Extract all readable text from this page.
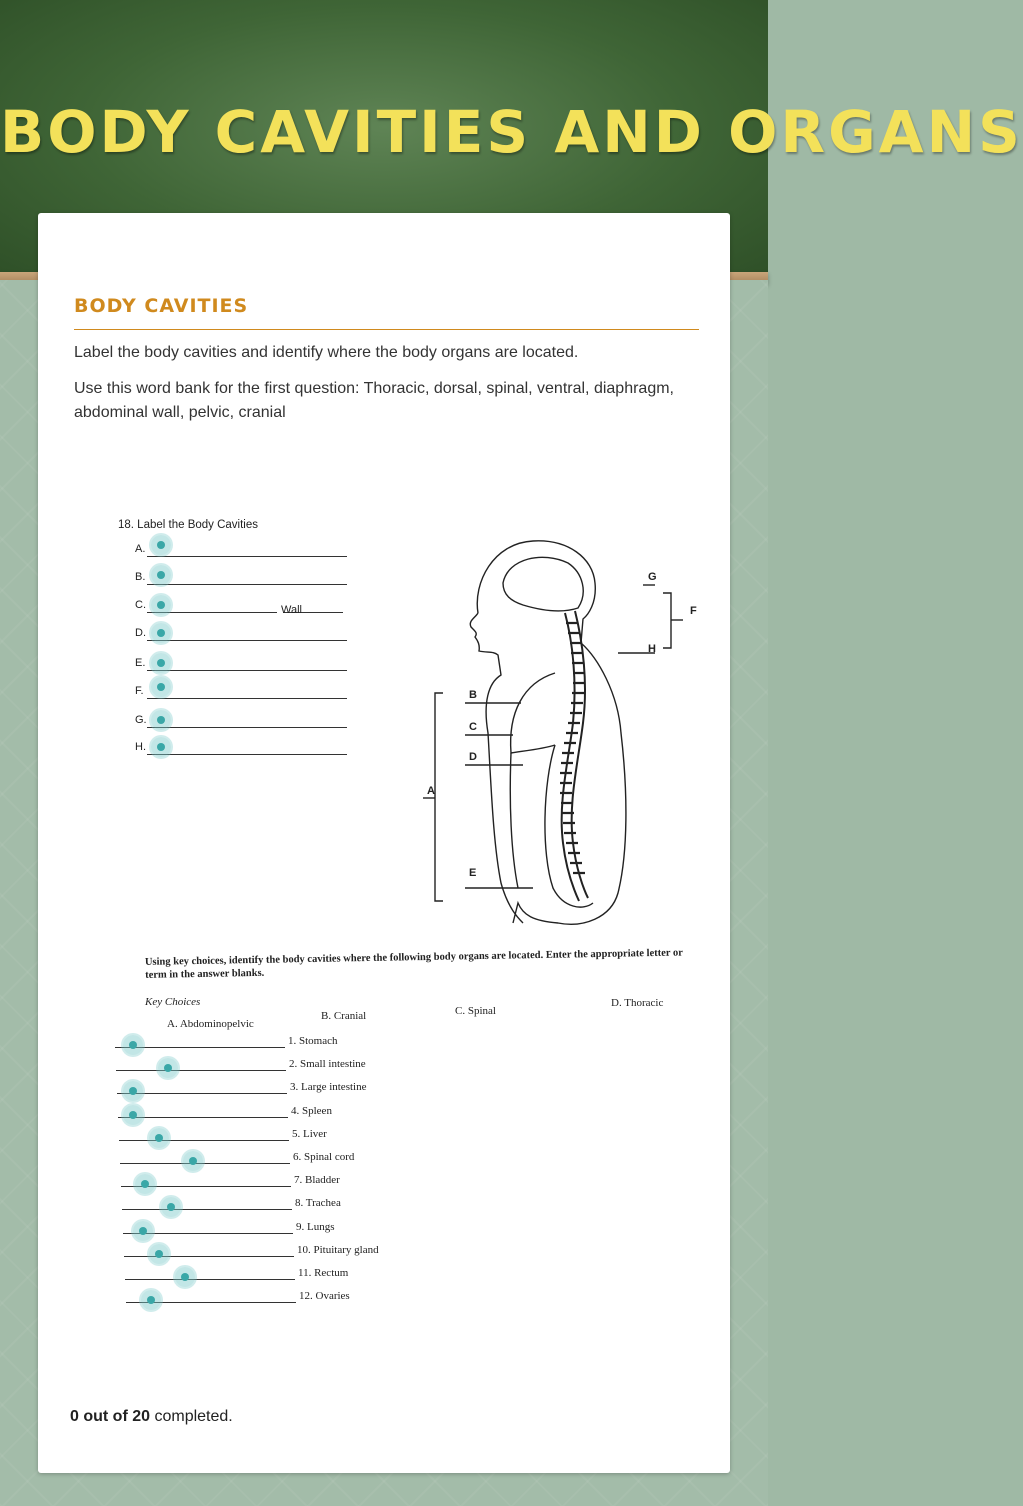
BODY CAVITIES AND ORGANS
BODY CAVITIES
Label the body cavities and identify where the body organs are located.
Use this word bank for the first question: Thoracic, dorsal, spinal, ventral, diaphragm, abdominal wall, pelvic, cranial
18. Label the Body Cavities
A.
B.
C.
D.
E.
F.
G.
H.
Wall
G
F
H
B
C
D
A
E
Using key choices, identify the body cavities where the following body organs are located. Enter the appropriate letter or term in the answer blanks.
Key Choices
A. Abdominopelvic
B. Cranial	C. Spinal
D. Thoracic
1. Stomach
2. Small intestine
3. Large intestine
4. Spleen
5. Liver
6. Spinal cord
7. Bladder
8. Trachea
9. Lungs
10. Pituitary gland
11. Rectum
12. Ovaries
0 out of 20 completed.
